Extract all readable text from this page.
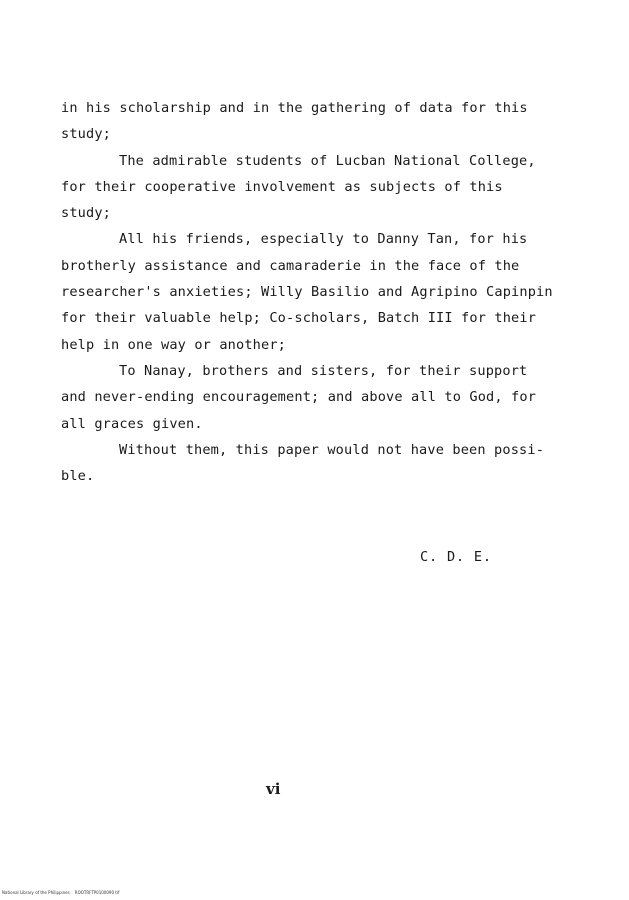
in his scholarship and in the gathering of data for this
study;
The admirable students of Lucban National College,
for their cooperative involvement as subjects of this
study;
All his friends, especially to Danny Tan, for his
brotherly assistance and camaraderie in the face of the
researcher's anxieties; Willy Basilio and Agripino Capinpin
for their valuable help; Co-scholars, Batch III for their
help in one way or another;
To Nanay, brothers and sisters, for their support
and never-ending encouragement; and above all to God, for
all graces given.
Without them, this paper would not have been possi-
ble.
C. D. E.
vi
National Library of the Philippines    ROOTRFTP0100090 tif
